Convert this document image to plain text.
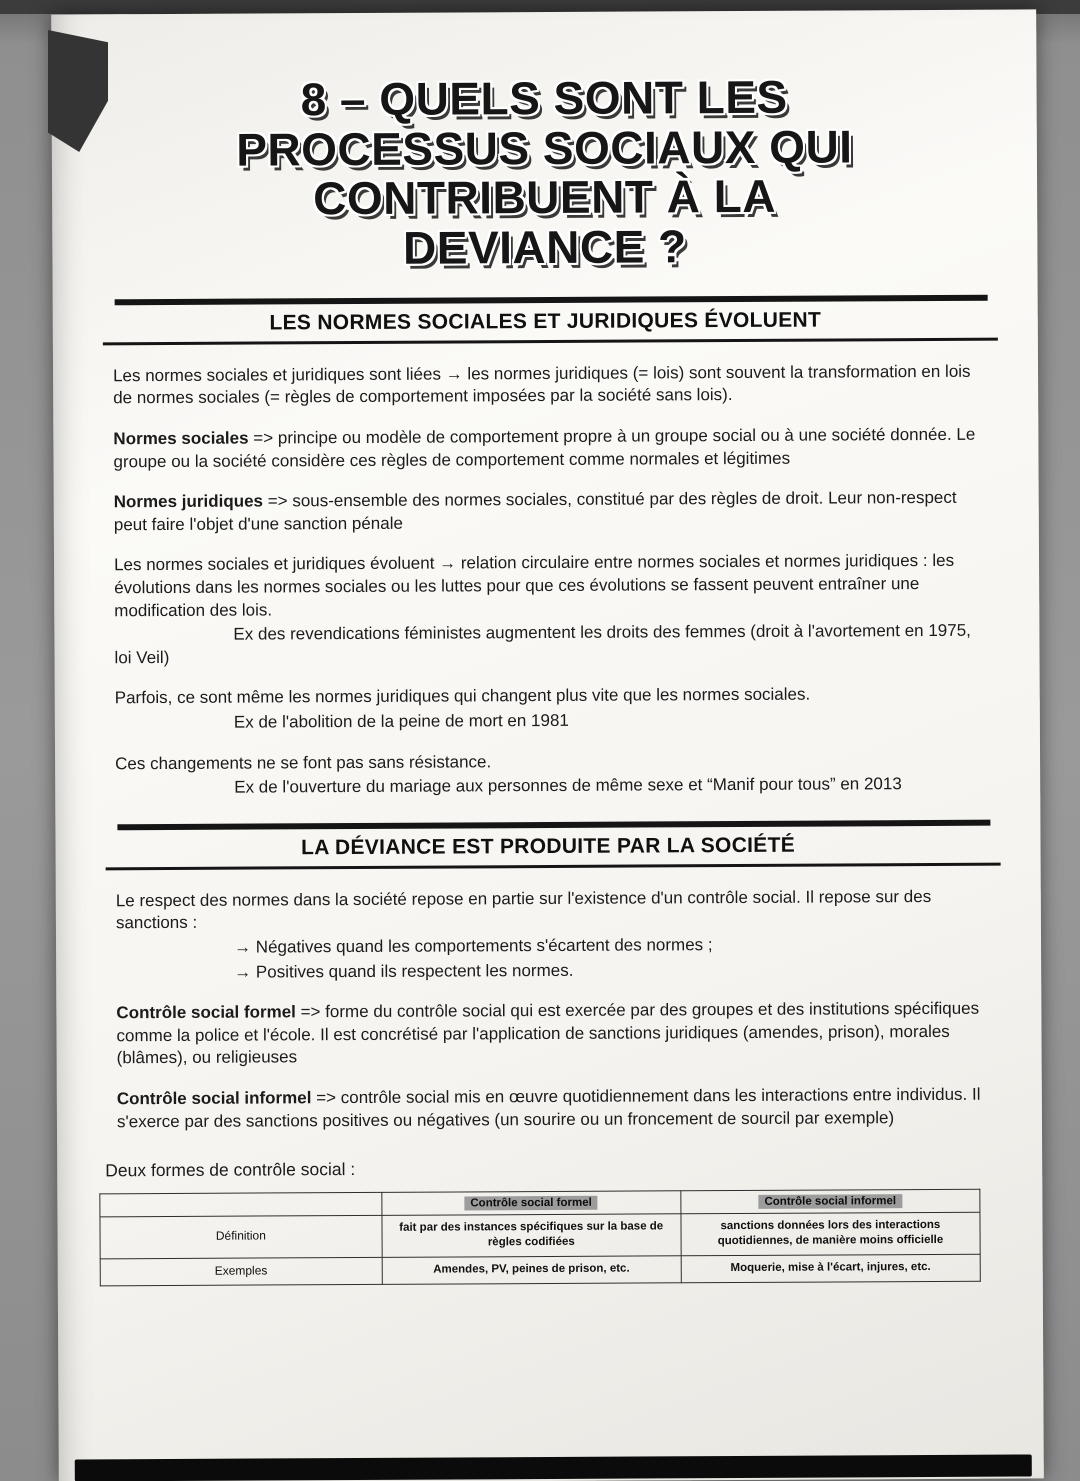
8 – QUELS SONT LES
PROCESSUS SOCIAUX QUI
CONTRIBUENT À LA
DEVIANCE ?
LES NORMES SOCIALES ET JURIDIQUES ÉVOLUENT

Les normes sociales et juridiques sont liées → les normes juridiques (= lois) sont souvent la transformation en lois de normes sociales (= règles de comportement imposées par la société sans lois).

Normes sociales => principe ou modèle de comportement propre à un groupe social ou à une société donnée. Le groupe ou la société considère ces règles de comportement comme normales et légitimes

Normes juridiques => sous-ensemble des normes sociales, constitué par des règles de droit. Leur non-respect peut faire l'objet d'une sanction pénale

Les normes sociales et juridiques évoluent → relation circulaire entre normes sociales et normes juridiques : les évolutions dans les normes sociales ou les luttes pour que ces évolutions se fassent peuvent entraîner une modification des lois.

Ex des revendications féministes augmentent les droits des femmes (droit à l'avortement en 1975, loi Veil)

Parfois, ce sont même les normes juridiques qui changent plus vite que les normes sociales.

Ex de l'abolition de la peine de mort en 1981

Ces changements ne se font pas sans résistance.

Ex de l'ouverture du mariage aux personnes de même sexe et “Manif pour tous” en 2013

LA DÉVIANCE EST PRODUITE PAR LA SOCIÉTÉ

Le respect des normes dans la société repose en partie sur l'existence d'un contrôle social. Il repose sur des sanctions :

→ Négatives quand les comportements s'écartent des normes ;
→ Positives quand ils respectent les normes.

Contrôle social formel => forme du contrôle social qui est exercée par des groupes et des institutions spécifiques comme la police et l'école. Il est concrétisé par l'application de sanctions juridiques (amendes, prison), morales (blâmes), ou religieuses

Contrôle social informel => contrôle social mis en œuvre quotidiennement dans les interactions entre individus. Il s'exerce par des sanctions positives ou négatives (un sourire ou un froncement de sourcil par exemple)

Deux formes de contrôle social :

	Contrôle social formel	Contrôle social informel
Définition	fait par des instances spécifiques sur la base de règles codifiées	sanctions données lors des interactions quotidiennes, de manière moins officielle
Exemples	Amendes, PV, peines de prison, etc.	Moquerie, mise à l'écart, injures, etc.
